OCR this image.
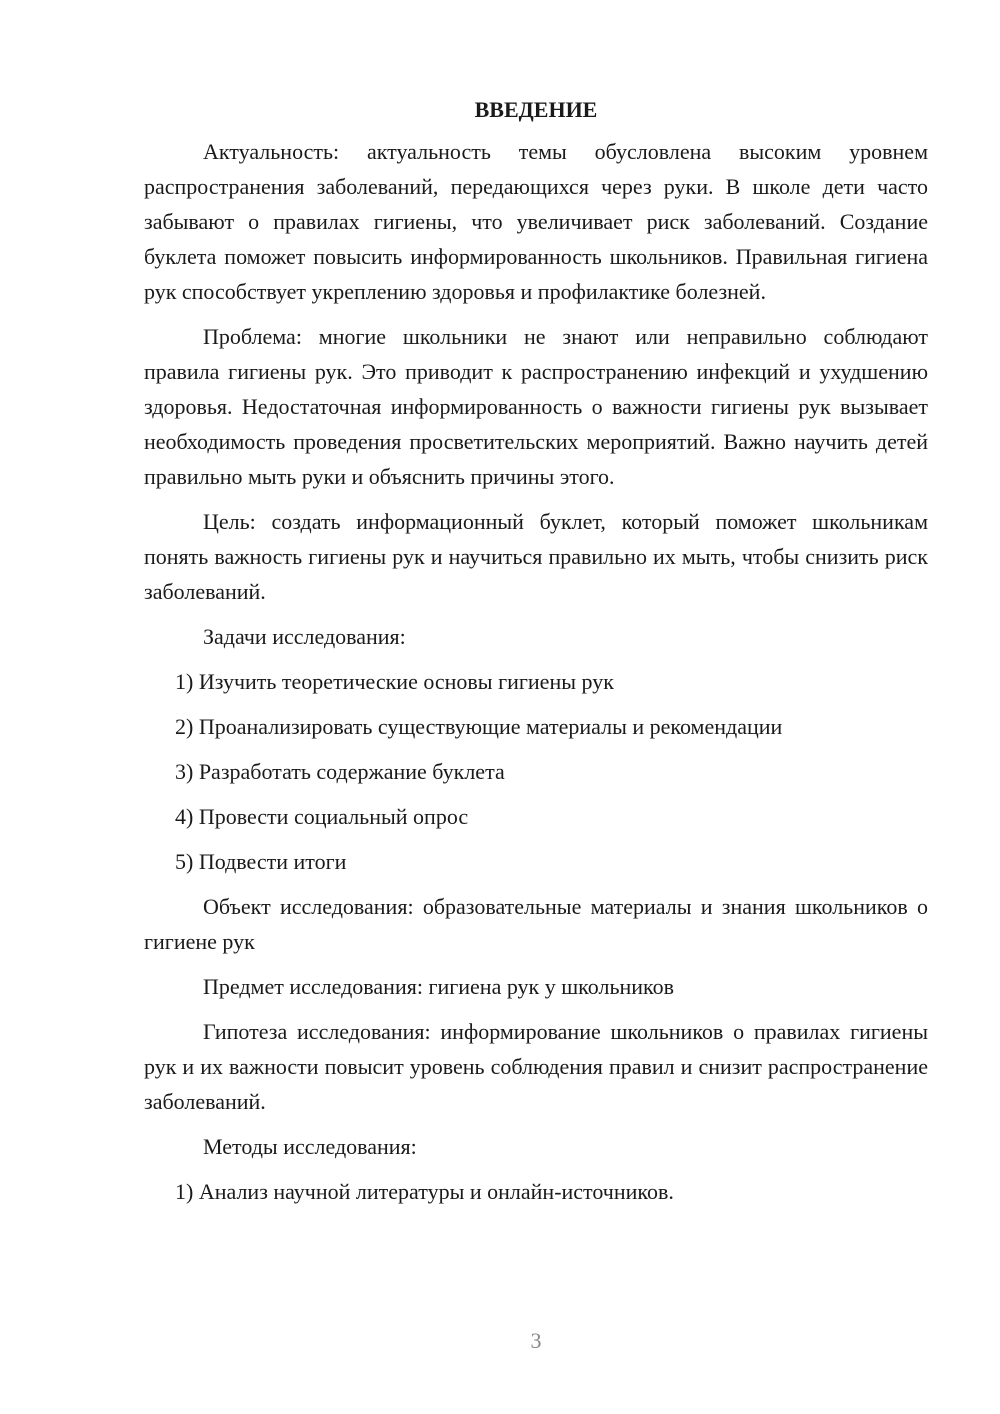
ВВЕДЕНИЕ
Актуальность: актуальность темы обусловлена высоким уровнем распространения заболеваний, передающихся через руки. В школе дети часто забывают о правилах гигиены, что увеличивает риск заболеваний. Создание буклета поможет повысить информированность школьников. Правильная гигиена рук способствует укреплению здоровья и профилактике болезней.
Проблема: многие школьники не знают или неправильно соблюдают правила гигиены рук. Это приводит к распространению инфекций и ухудшению здоровья. Недостаточная информированность о важности гигиены рук вызывает необходимость проведения просветительских мероприятий. Важно научить детей правильно мыть руки и объяснить причины этого.
Цель: создать информационный буклет, который поможет школьникам понять важность гигиены рук и научиться правильно их мыть, чтобы снизить риск заболеваний.
Задачи исследования:
1) Изучить теоретические основы гигиены рук
2) Проанализировать существующие материалы и рекомендации
3) Разработать содержание буклета
4) Провести социальный опрос
5) Подвести итоги
Объект исследования: образовательные материалы и знания школьников о гигиене рук
Предмет исследования: гигиена рук у школьников
Гипотеза исследования: информирование школьников о правилах гигиены рук и их важности повысит уровень соблюдения правил и снизит распространение заболеваний.
Методы исследования:
1) Анализ научной литературы и онлайн-источников.
3
